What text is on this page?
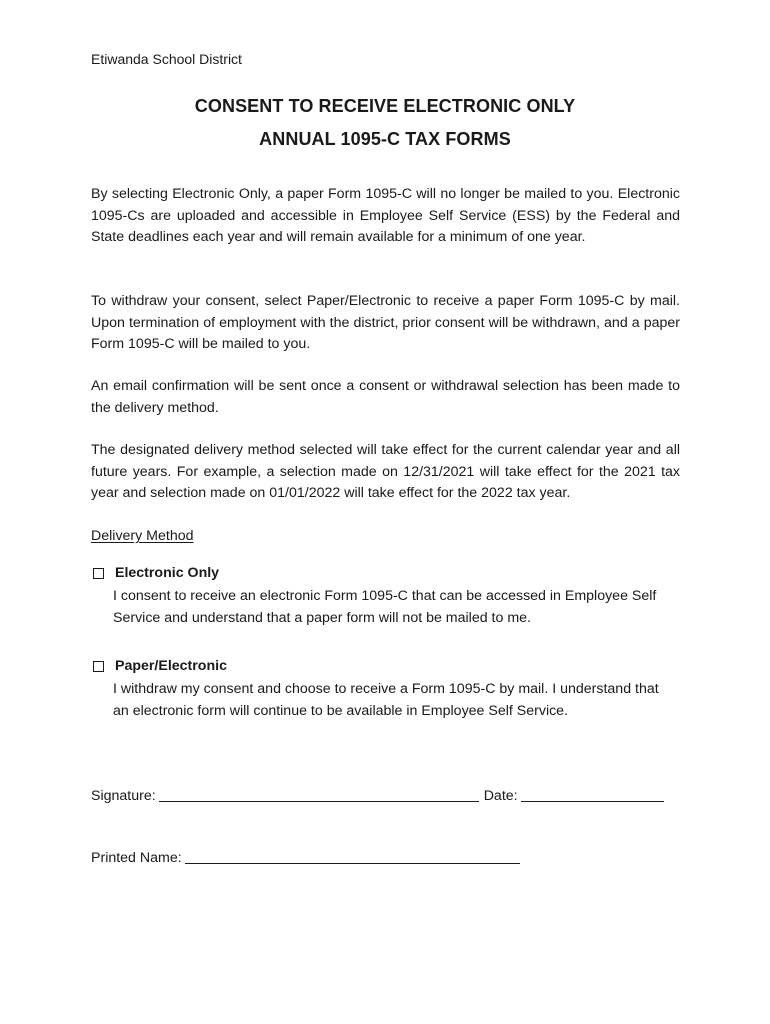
Etiwanda School District
CONSENT TO RECEIVE ELECTRONIC ONLY
ANNUAL 1095-C TAX FORMS
By selecting Electronic Only, a paper Form 1095-C will no longer be mailed to you. Electronic 1095-Cs are uploaded and accessible in Employee Self Service (ESS) by the Federal and State deadlines each year and will remain available for a minimum of one year.
To withdraw your consent, select Paper/Electronic to receive a paper Form 1095-C by mail. Upon termination of employment with the district, prior consent will be withdrawn, and a paper Form 1095-C will be mailed to you.
An email confirmation will be sent once a consent or withdrawal selection has been made to the delivery method.
The designated delivery method selected will take effect for the current calendar year and all future years. For example, a selection made on 12/31/2021 will take effect for the 2021 tax year and selection made on 01/01/2022 will take effect for the 2022 tax year.
Delivery Method
Electronic Only
I consent to receive an electronic Form 1095-C that can be accessed in Employee Self Service and understand that a paper form will not be mailed to me.
Paper/Electronic
I withdraw my consent and choose to receive a Form 1095-C by mail. I understand that an electronic form will continue to be available in Employee Self Service.
Signature:	Date:
Printed Name:
